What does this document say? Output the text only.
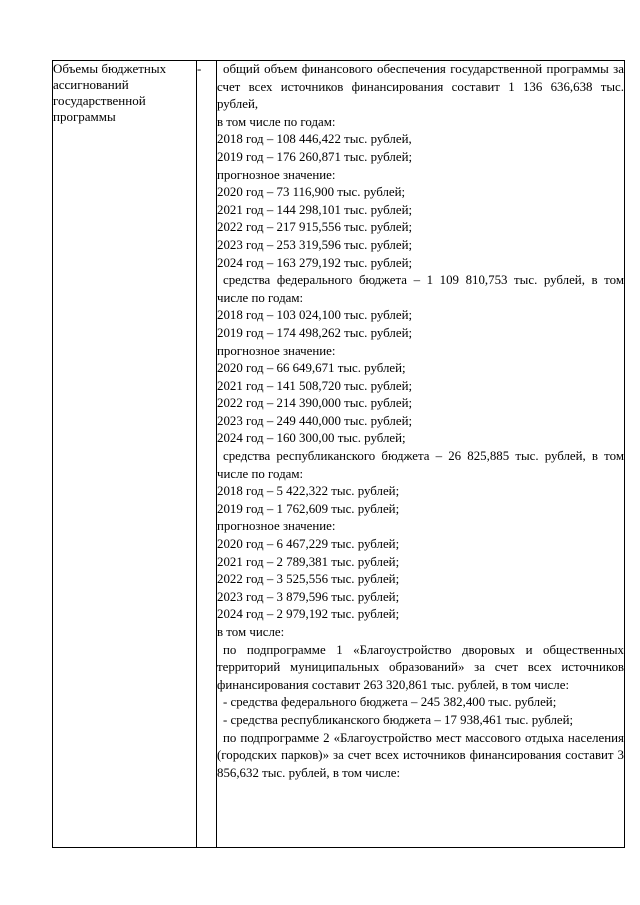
Объемы бюджетных ассигнований государственной программы	-	общий объем финансового обеспечения государственной программы за счет всех источников финансирования составит 1 136 636,638 тыс. рублей,

в том числе по годам:

2018 год – 108 446,422 тыс. рублей,

2019 год – 176 260,871 тыс. рублей;

прогнозное значение:

2020 год – 73 116,900 тыс. рублей;

2021 год – 144 298,101 тыс. рублей;

2022 год – 217 915,556 тыс. рублей;

2023 год – 253 319,596 тыс. рублей;

2024 год – 163 279,192 тыс. рублей;

средства федерального бюджета – 1 109 810,753 тыс. рублей, в том числе по годам:

2018 год – 103 024,100 тыс. рублей;

2019 год – 174 498,262 тыс. рублей;

прогнозное значение:

2020 год – 66 649,671 тыс. рублей;

2021 год – 141 508,720 тыс. рублей;

2022 год – 214 390,000 тыс. рублей;

2023 год – 249 440,000 тыс. рублей;

2024 год – 160 300,00 тыс. рублей;

средства республиканского бюджета – 26 825,885 тыс. рублей, в том числе по годам:

2018 год – 5 422,322 тыс. рублей;

2019 год – 1 762,609 тыс. рублей;

прогнозное значение:

2020 год – 6 467,229 тыс. рублей;

2021 год – 2 789,381 тыс. рублей;

2022 год – 3 525,556 тыс. рублей;

2023 год – 3 879,596 тыс. рублей;

2024 год – 2 979,192 тыс. рублей;

в том числе:

по подпрограмме 1 «Благоустройство дворовых и общественных территорий муниципальных образований» за счет всех источников финансирования составит 263 320,861 тыс. рублей, в том числе:

- средства федерального бюджета – 245 382,400 тыс. рублей;

- средства республиканского бюджета – 17 938,461 тыс. рублей;

по подпрограмме 2 «Благоустройство мест массового отдыха населения (городских парков)» за счет всех источников финансирования составит 3 856,632 тыс. рублей, в том числе:
